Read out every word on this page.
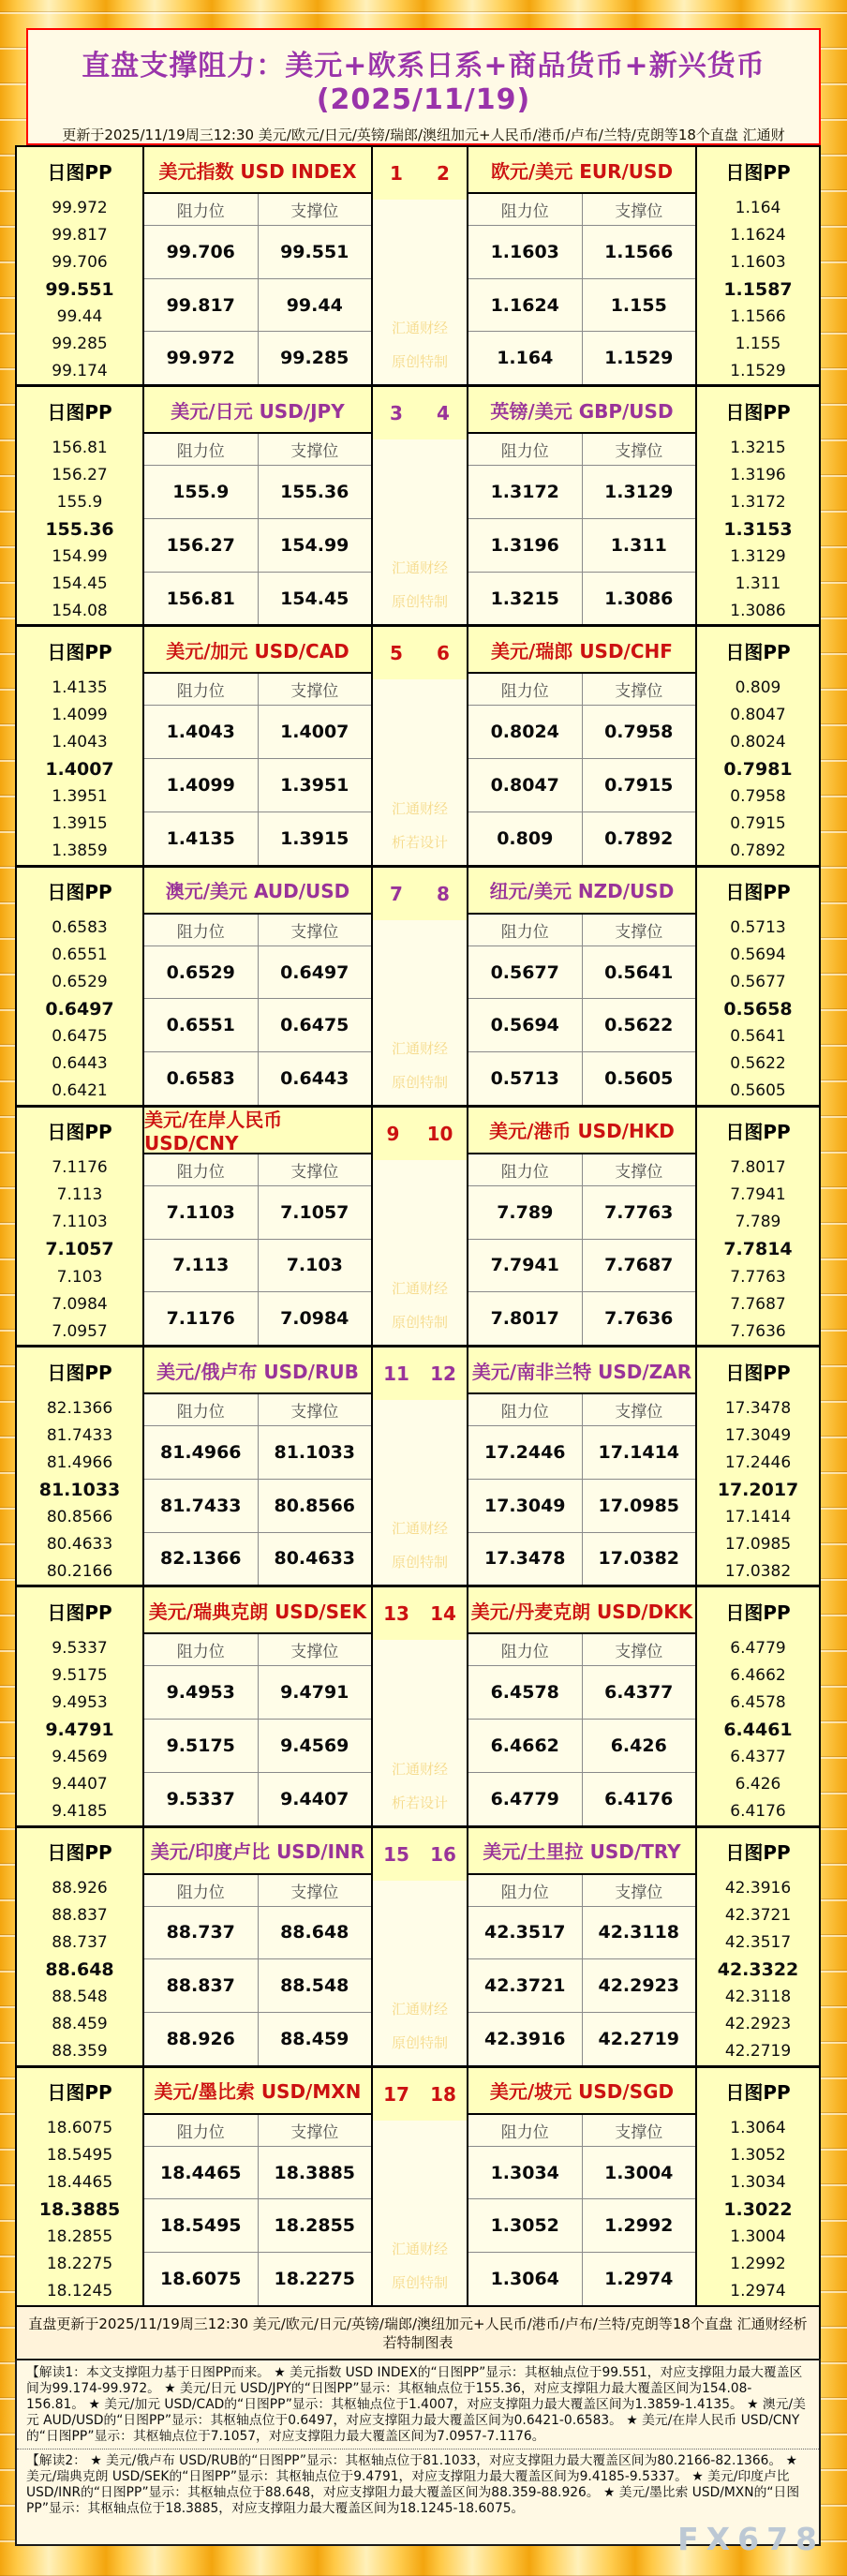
直盘支撑阻力：美元+欧系日系+商品货币+新兴货币(2025/11/19)
更新于2025/11/19周三12:30 美元/欧元/日元/英镑/瑞郎/澳纽加元+人民币/港币/卢布/兰特/克朗等18个直盘 汇通财
日图PP
99.972
99.817
99.706
99.551
99.44
99.285
99.174
美元指数 USD INDEX
阻力位	支撑位
99.706	99.551
99.817	99.44
99.972	99.285
1 2
汇通财经
原创特制
欧元/美元 EUR/USD
阻力位	支撑位
1.1603	1.1566
1.1624	1.155
1.164	1.1529
日图PP
1.164
1.1624
1.1603
1.1587
1.1566
1.155
1.1529
日图PP
156.81
156.27
155.9
155.36
154.99
154.45
154.08
美元/日元 USD/JPY
阻力位	支撑位
155.9	155.36
156.27	154.99
156.81	154.45
3 4
汇通财经
原创特制
英镑/美元 GBP/USD
阻力位	支撑位
1.3172	1.3129
1.3196	1.311
1.3215	1.3086
日图PP
1.3215
1.3196
1.3172
1.3153
1.3129
1.311
1.3086
日图PP
1.4135
1.4099
1.4043
1.4007
1.3951
1.3915
1.3859
美元/加元 USD/CAD
阻力位	支撑位
1.4043	1.4007
1.4099	1.3951
1.4135	1.3915
5 6
汇通财经
析若设计
美元/瑞郎 USD/CHF
阻力位	支撑位
0.8024	0.7958
0.8047	0.7915
0.809	0.7892
日图PP
0.809
0.8047
0.8024
0.7981
0.7958
0.7915
0.7892
日图PP
0.6583
0.6551
0.6529
0.6497
0.6475
0.6443
0.6421
澳元/美元 AUD/USD
阻力位	支撑位
0.6529	0.6497
0.6551	0.6475
0.6583	0.6443
7 8
汇通财经
原创特制
纽元/美元 NZD/USD
阻力位	支撑位
0.5677	0.5641
0.5694	0.5622
0.5713	0.5605
日图PP
0.5713
0.5694
0.5677
0.5658
0.5641
0.5622
0.5605
日图PP
7.1176
7.113
7.1103
7.1057
7.103
7.0984
7.0957
美元/在岸人民币 USD/CNY
阻力位	支撑位
7.1103	7.1057
7.113	7.103
7.1176	7.0984
9 10
汇通财经
原创特制
美元/港币 USD/HKD
阻力位	支撑位
7.789	7.7763
7.7941	7.7687
7.8017	7.7636
日图PP
7.8017
7.7941
7.789
7.7814
7.7763
7.7687
7.7636
日图PP
82.1366
81.7433
81.4966
81.1033
80.8566
80.4633
80.2166
美元/俄卢布 USD/RUB
阻力位	支撑位
81.4966	81.1033
81.7433	80.8566
82.1366	80.4633
11 12
汇通财经
原创特制
美元/南非兰特 USD/ZAR
阻力位	支撑位
17.2446	17.1414
17.3049	17.0985
17.3478	17.0382
日图PP
17.3478
17.3049
17.2446
17.2017
17.1414
17.0985
17.0382
日图PP
9.5337
9.5175
9.4953
9.4791
9.4569
9.4407
9.4185
美元/瑞典克朗 USD/SEK
阻力位	支撑位
9.4953	9.4791
9.5175	9.4569
9.5337	9.4407
13 14
汇通财经
析若设计
美元/丹麦克朗 USD/DKK
阻力位	支撑位
6.4578	6.4377
6.4662	6.426
6.4779	6.4176
日图PP
6.4779
6.4662
6.4578
6.4461
6.4377
6.426
6.4176
日图PP
88.926
88.837
88.737
88.648
88.548
88.459
88.359
美元/印度卢比 USD/INR
阻力位	支撑位
88.737	88.648
88.837	88.548
88.926	88.459
15 16
汇通财经
原创特制
美元/土里拉 USD/TRY
阻力位	支撑位
42.3517	42.3118
42.3721	42.2923
42.3916	42.2719
日图PP
42.3916
42.3721
42.3517
42.3322
42.3118
42.2923
42.2719
日图PP
18.6075
18.5495
18.4465
18.3885
18.2855
18.2275
18.1245
美元/墨比索 USD/MXN
阻力位	支撑位
18.4465	18.3885
18.5495	18.2855
18.6075	18.2275
17 18
汇通财经
原创特制
美元/坡元 USD/SGD
阻力位	支撑位
1.3034	1.3004
1.3052	1.2992
1.3064	1.2974
日图PP
1.3064
1.3052
1.3034
1.3022
1.3004
1.2992
1.2974
直盘更新于2025/11/19周三12:30 美元/欧元/日元/英镑/瑞郎/澳纽加元+人民币/港币/卢布/兰特/克朗等18个直盘 汇通财经析若特制图表
【解读1：本文支撑阻力基于日图PP而来。 ★ 美元指数 USD INDEX的“日图PP”显示：其枢轴点位于99.551，对应支撑阻力最大覆盖区间为99.174-99.972。 ★ 美元/日元 USD/JPY的“日图PP”显示：其枢轴点位于155.36，对应支撑阻力最大覆盖区间为154.08-156.81。 ★ 美元/加元 USD/CAD的“日图PP”显示：其枢轴点位于1.4007，对应支撑阻力最大覆盖区间为1.3859-1.4135。 ★ 澳元/美元 AUD/USD的“日图PP”显示：其枢轴点位于0.6497，对应支撑阻力最大覆盖区间为0.6421-0.6583。 ★ 美元/在岸人民币 USD/CNY的“日图PP”显示：其枢轴点位于7.1057，对应支撑阻力最大覆盖区间为7.0957-7.1176。
【解读2： ★ 美元/俄卢布 USD/RUB的“日图PP”显示：其枢轴点位于81.1033，对应支撑阻力最大覆盖区间为80.2166-82.1366。 ★ 美元/瑞典克朗 USD/SEK的“日图PP”显示：其枢轴点位于9.4791，对应支撑阻力最大覆盖区间为9.4185-9.5337。 ★ 美元/印度卢比 USD/INR的“日图PP”显示：其枢轴点位于88.648，对应支撑阻力最大覆盖区间为88.359-88.926。 ★ 美元/墨比索 USD/MXN的“日图PP”显示：其枢轴点位于18.3885，对应支撑阻力最大覆盖区间为18.1245-18.6075。
FX678
